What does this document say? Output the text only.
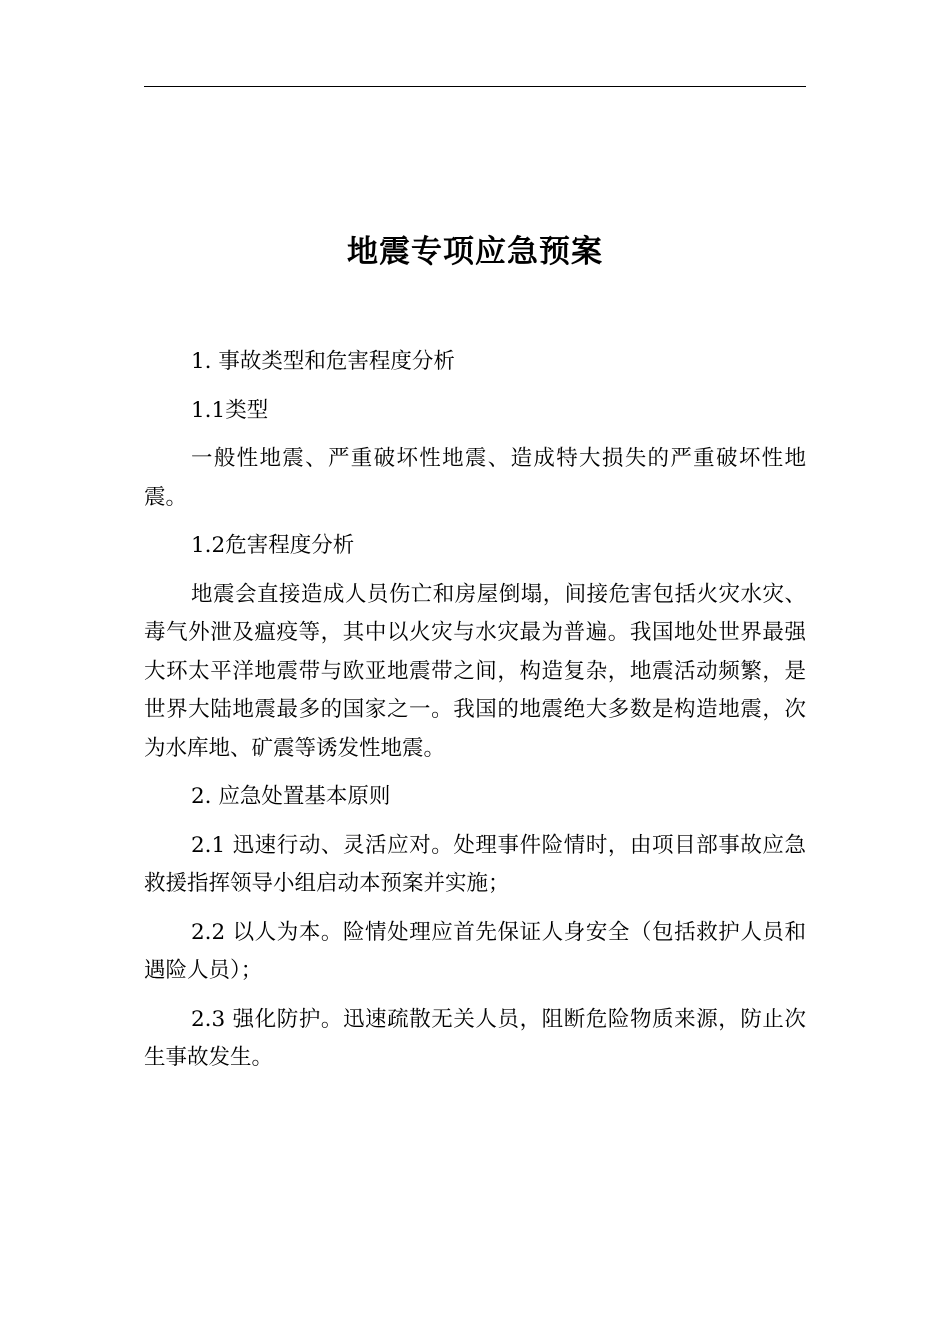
地震专项应急预案

1. 事故类型和危害程度分析

1.1类型

一般性地震、严重破坏性地震、造成特大损失的严重破坏性地震。

1.2危害程度分析

地震会直接造成人员伤亡和房屋倒塌，间接危害包括火灾水灾、毒气外泄及瘟疫等，其中以火灾与水灾最为普遍。我国地处世界最强大环太平洋地震带与欧亚地震带之间，构造复杂，地震活动频繁，是世界大陆地震最多的国家之一。我国的地震绝大多数是构造地震，次为水库地、矿震等诱发性地震。

2. 应急处置基本原则

2.1 迅速行动、灵活应对。处理事件险情时，由项目部事故应急救援指挥领导小组启动本预案并实施；

2.2 以人为本。险情处理应首先保证人身安全（包括救护人员和遇险人员）；

2.3 强化防护。迅速疏散无关人员，阻断危险物质来源，防止次生事故发生。
